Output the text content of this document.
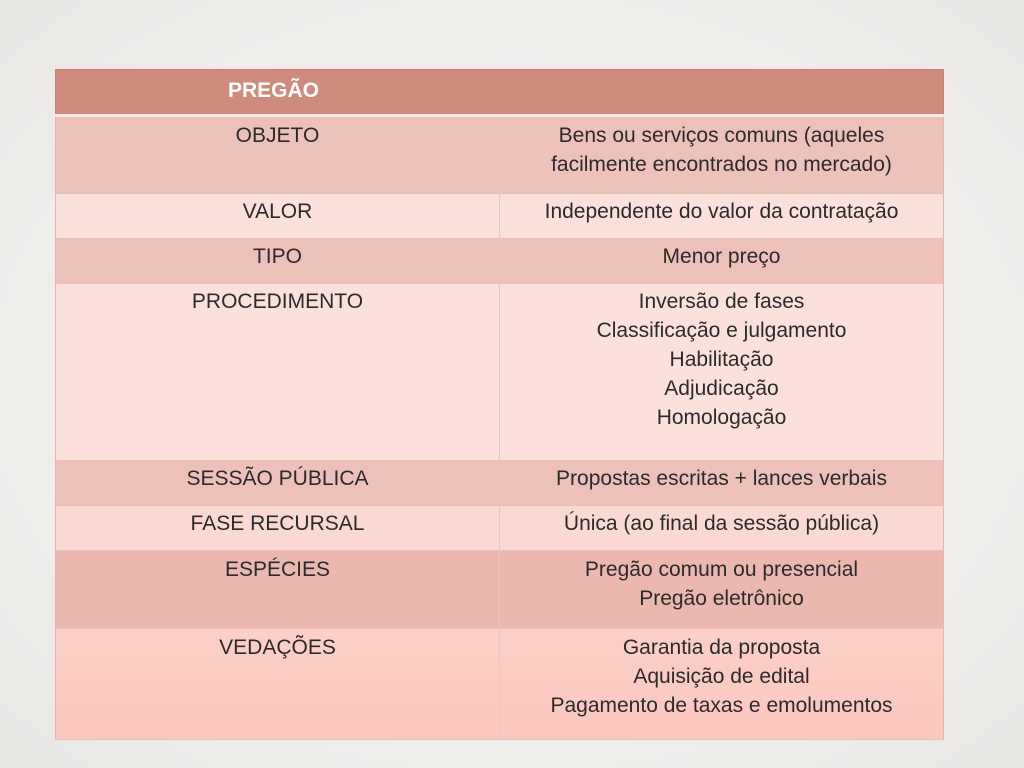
PREGÃO
OBJETO	Bens ou serviços comuns (aqueles
facilmente encontrados no mercado)
VALOR	Independente do valor da contratação
TIPO	Menor preço
PROCEDIMENTO	Inversão de fases
Classificação e julgamento
Habilitação
Adjudicação
Homologação
SESSÃO PÚBLICA	Propostas escritas + lances verbais
FASE RECURSAL	Única (ao final da sessão pública)
ESPÉCIES	Pregão comum ou presencial
Pregão eletrônico
VEDAÇÕES	Garantia da proposta
Aquisição de edital
Pagamento de taxas e emolumentos
